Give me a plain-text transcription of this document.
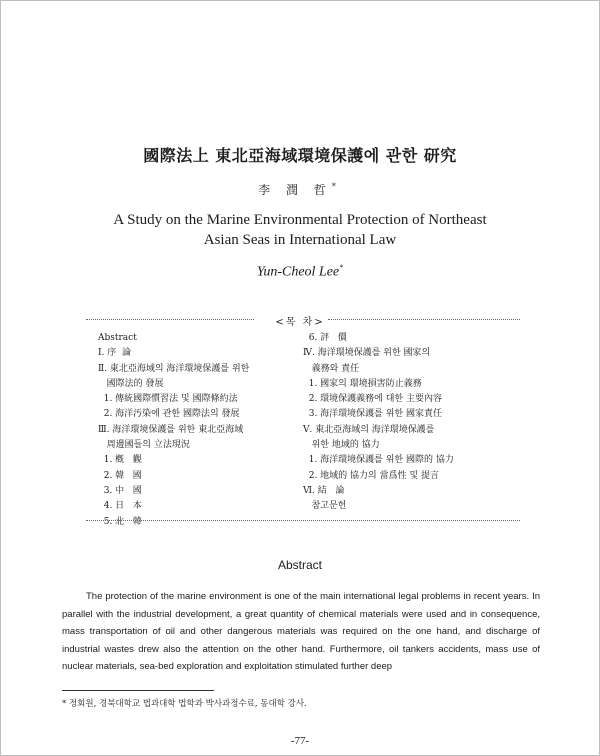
國際法上 東北亞海域環境保護에 관한 研究
李 潤 哲*
A Study on the Marine Environmental Protection of Northeast
Asian Seas in International Law
Yun-Cheol Lee*
<목 차>
Abstract
Ⅰ. 序  論
Ⅱ. 東北亞海域의 海洋環境保護를 위한
國際法的 發展
1. 傳統國際慣習法 및 國際條約法
2. 海洋汚染에 관한 國際法의 發展
Ⅲ. 海洋環境保護를 위한 東北亞海域
周邊國들의 立法現況
1. 槪   觀
2. 韓   國
3. 中   國
4. 日   本
5. 北   韓
6. 評   價
Ⅳ. 海洋環境保護를 위한 國家의
義務와 責任
1. 國家의 環境損害防止義務
2. 環境保護義務에 대한 主要內容
3. 海洋環境保護를 위한 國家責任
Ⅴ. 東北亞海域의 海洋環境保護를
위한 地域的 協力
1. 海洋環境保護를 위한 國際的 協力
2. 地域的 協力의 當爲性 및 提言
Ⅵ. 結   論
참고문헌
Abstract

The protection of the marine environment is one of the main international legal problems in recent years. In parallel with the industrial development, a great quantity of chemical materials were used and in consequence, mass transportation of oil and other dangerous materials was required on the one hand, and discharge of industrial wastes drew also the attention on the other hand. Furthermore, oil tankers accidents, mass use of nuclear materials, sea-bed exploration and exploitation stimulated further deep

* 정회원, 경북대학교 법과대학 법학과 박사과정수료, 동대학 강사.
-77-
